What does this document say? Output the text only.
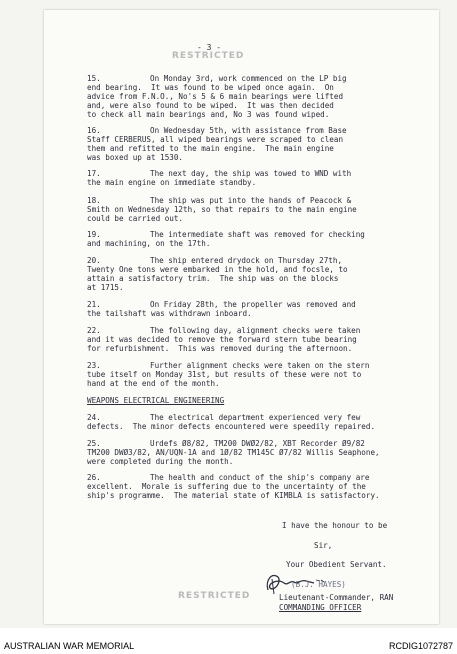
- 3 -
RESTRICTED
15.	On Monday 3rd, work commenced on the LP big
end bearing.  It was found to be wiped once again.  On
advice from F.N.O., No's 5 & 6 main bearings were lifted
and, were also found to be wiped.  It was then decided
to check all main bearings and, No 3 was found wiped.
16.	On Wednesday 5th, with assistance from Base
Staff CERBERUS, all wiped bearings were scraped to clean
them and refitted to the main engine.  The main engine
was boxed up at 1530.
17.	The next day, the ship was towed to WND with
the main engine on immediate standby.
18.	The ship was put into the hands of Peacock &
Smith on Wednesday 12th, so that repairs to the main engine
could be carried out.
19.	The intermediate shaft was removed for checking
and machining, on the 17th.
20.	The ship entered drydock on Thursday 27th,
Twenty One tons were embarked in the hold, and focsle, to
attain a satisfactory trim.  The ship was on the blocks
at 1715.
21.	On Friday 28th, the propeller was removed and
the tailshaft was withdrawn inboard.
22.	The following day, alignment checks were taken
and it was decided to remove the forward stern tube bearing
for refurbishment.  This was removed during the afternoon.
23.	Further alignment checks were taken on the stern
tube itself on Monday 31st, but results of these were not to
hand at the end of the month.
WEAPONS ELECTRICAL ENGINEERING
24.	The electrical department experienced very few
defects.  The minor defects encountered were speedily repaired.
25.	Urdefs Ø8/82, TM200 DWØ2/82, XBT Recorder Ø9/82
TM200 DWØ3/82, AN/UQN-1A and 1Ø/82 TM145C Ø7/82 Willis Seaphone,
were completed during the month.
26.	The health and conduct of the ship's company are
excellent.  Morale is suffering due to the uncertainty of the
ship's programme.  The material state of KIMBLA is satisfactory.
I have the honour to be
Sir,
Your Obedient Servant.
(B.J. HAYES)
Lieutenant-Commander, RAN
COMMANDING OFFICER
RESTRICTED
AUSTRALIAN WAR MEMORIAL	RCDIG1072787
